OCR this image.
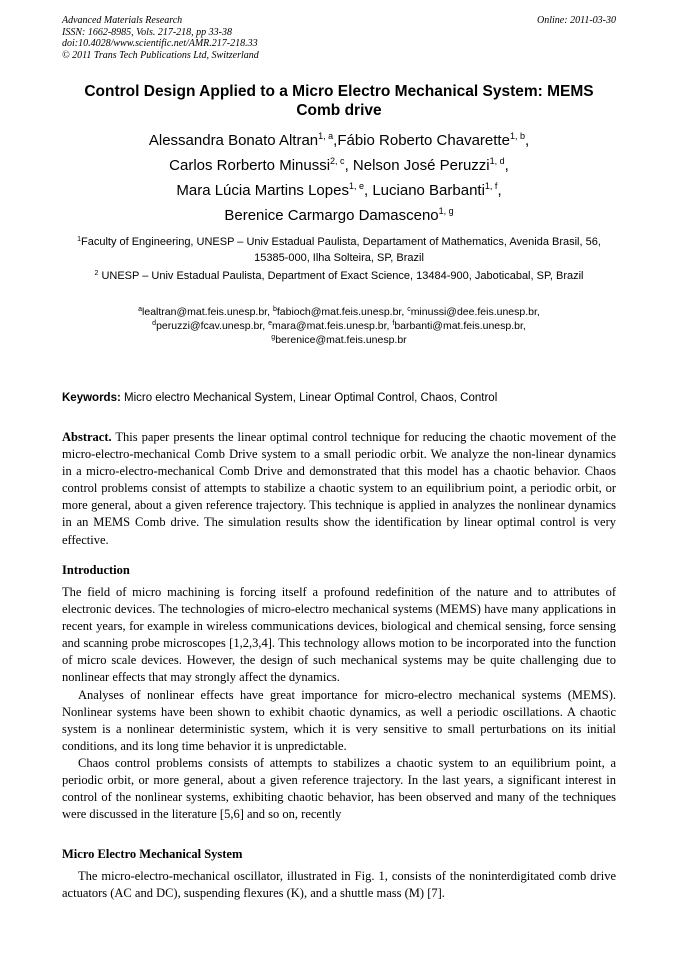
Advanced Materials Research
ISSN: 1662-8985, Vols. 217-218, pp 33-38
doi:10.4028/www.scientific.net/AMR.217-218.33
© 2011 Trans Tech Publications Ltd, Switzerland
Online: 2011-03-30
Control Design Applied to a Micro Electro Mechanical System: MEMS Comb drive
Alessandra Bonato Altran$^{1, a}$,Fábio Roberto Chavarette$^{1, b}$,
Carlos Rorberto Minussi$^{2, c}$, Nelson José Peruzzi$^{1, d}$,
Mara Lúcia Martins Lopes$^{1, e}$, Luciano Barbanti$^{1, f}$,
Berenice Carmargo Damasceno$^{1, g}$
$^1$Faculty of Engineering, UNESP – Univ Estadual Paulista, Departament of Mathematics, Avenida Brasil, 56, 15385-000, Ilha Solteira, SP, Brazil
$^2$ UNESP – Univ Estadual Paulista, Department of Exact Science, 13484-900, Jaboticabal, SP, Brazil
$^a$lealtran@mat.feis.unesp.br, $^b$fabioch@mat.feis.unesp.br, $^c$minussi@dee.feis.unesp.br,
$^d$peruzzi@fcav.unesp.br, $^e$mara@mat.feis.unesp.br, $^f$barbanti@mat.feis.unesp.br,
$^g$berenice@mat.feis.unesp.br
Keywords: Micro electro Mechanical System, Linear Optimal Control, Chaos, Control

Abstract. This paper presents the linear optimal control technique for reducing the chaotic movement of the micro-electro-mechanical Comb Drive system to a small periodic orbit. We analyze the non-linear dynamics in a micro-electro-mechanical Comb Drive and demonstrated that this model has a chaotic behavior. Chaos control problems consist of attempts to stabilize a chaotic system to an equilibrium point, a periodic orbit, or more general, about a given reference trajectory. This technique is applied in analyzes the nonlinear dynamics in an MEMS Comb drive. The simulation results show the identification by linear optimal control is very effective.

Introduction

The field of micro machining is forcing itself a profound redefinition of the nature and to attributes of electronic devices. The technologies of micro-electro mechanical systems (MEMS) have many applications in recent years, for example in wireless communications devices, biological and chemical sensing, force sensing and scanning probe microscopes [1,2,3,4]. This technology allows motion to be incorporated into the function of micro scale devices. However, the design of such mechanical systems may be quite challenging due to nonlinear effects that may strongly affect the dynamics.

Analyses of nonlinear effects have great importance for micro-electro mechanical systems (MEMS). Nonlinear systems have been shown to exhibit chaotic dynamics, as well a periodic oscillations. A chaotic system is a nonlinear deterministic system, which it is very sensitive to small perturbations on its initial conditions, and its long time behavior it is unpredictable.

Chaos control problems consists of attempts to stabilizes a chaotic system to an equilibrium point, a periodic orbit, or more general, about a given reference trajectory. In the last years, a significant interest in control of the nonlinear systems, exhibiting chaotic behavior, has been observed and many of the techniques were discussed in the literature [5,6] and so on, recently

Micro Electro Mechanical System

The micro-electro-mechanical oscillator, illustrated in Fig. 1, consists of the noninterdigitated comb drive actuators (AC and DC), suspending flexures (K), and a shuttle mass (M) [7].
